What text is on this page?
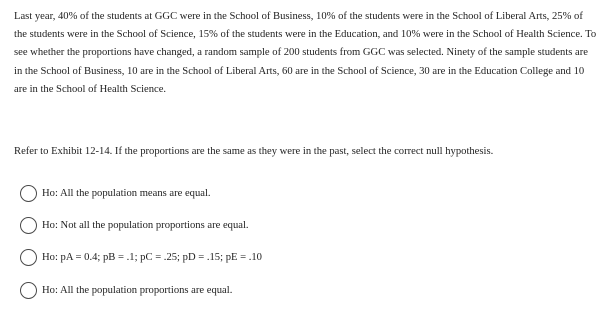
Last year, 40% of the students at GGC were in the School of Business, 10% of the students were in the School of Liberal Arts, 25% of the students were in the School of Science, 15% of the students were in the Education, and 10% were in the School of Health Science. To see whether the proportions have changed, a random sample of 200 students from GGC was selected. Ninety of the sample students are in the School of Business, 10 are in the School of Liberal Arts, 60 are in the School of Science, 30 are in the Education College and 10 are in the School of Health Science.

Refer to Exhibit 12-14. If the proportions are the same as they were in the past, select the correct null hypothesis.

Ho: All the population means are equal.
Ho: Not all the population proportions are equal.
Ho: pA = 0.4; pB = .1; pC = .25; pD = .15; pE = .10
Ho: All the population proportions are equal.
